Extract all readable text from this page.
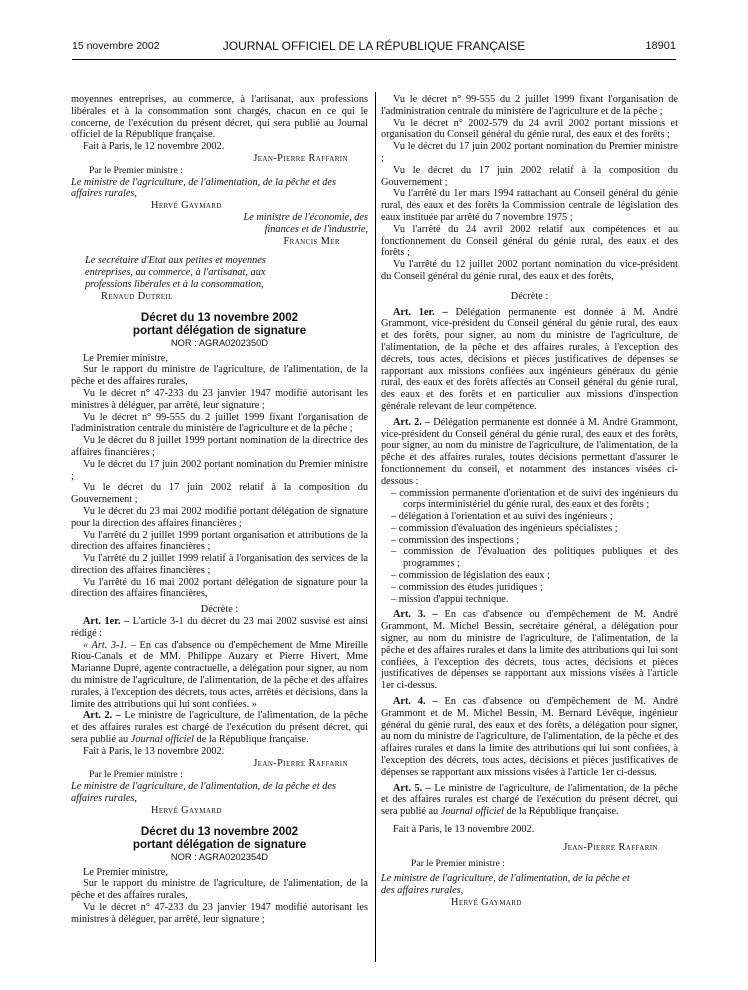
15 novembre 2002	JOURNAL OFFICIEL DE LA RÉPUBLIQUE FRANÇAISE	18901

moyennes entreprises, au commerce, à l'artisanat, aux professions libérales et à la consommation sont chargés, chacun en ce qui le concerne, de l'exécution du présent décret, qui sera publié au Journal officiel de la République française.

Fait à Paris, le 12 novembre 2002.

Jean-Pierre Raffarin

Par le Premier ministre :

Le ministre de l'agriculture, de l'alimentation, de la pêche et des affaires rurales,

Hervé Gaymard

Le ministre de l'économie, des finances et de l'industrie,

Francis Mer

Le secrétaire d'Etat aux petites et moyennes entreprises, au commerce, à l'artisanat, aux professions libérales et à la consommation,

Renaud Dutreil

Décret du 13 novembre 2002

portant délégation de signature

NOR : AGRA0202350D

Le Premier ministre,

Sur le rapport du ministre de l'agriculture, de l'alimentation, de la pêche et des affaires rurales,

Vu le décret n° 47-233 du 23 janvier 1947 modifié autorisant les ministres à déléguer, par arrêté, leur signature ;

Vu le décret n° 99-555 du 2 juillet 1999 fixant l'organisation de l'administration centrale du ministère de l'agriculture et de la pêche ;

Vu le décret du 8 juillet 1999 portant nomination de la directrice des affaires financières ;

Vu le décret du 17 juin 2002 portant nomination du Premier ministre ;

Vu le décret du 17 juin 2002 relatif à la composition du Gouvernement ;

Vu le décret du 23 mai 2002 modifié portant délégation de signature pour la direction des affaires financières ;

Vu l'arrêté du 2 juillet 1999 portant organisation et attributions de la direction des affaires financières ;

Vu l'arrêté du 2 juillet 1999 relatif à l'organisation des services de la direction des affaires financières ;

Vu l'arrêté du 16 mai 2002 portant délégation de signature pour la direction des affaires financières,

Décrète :

Art. 1er. – L'article 3-1 du décret du 23 mai 2002 susvisé est ainsi rédigé :

« Art. 3-1. – En cas d'absence ou d'empêchement de Mme Mireille Riou-Canals et de MM. Philippe Auzary et Pierre Hivert, Mme Marianne Dupré, agente contractuelle, a délégation pour signer, au nom du ministre de l'agriculture, de l'alimentation, de la pêche et des affaires rurales, à l'exception des décrets, tous actes, arrêtés et décisions, dans la limite des attributions qui lui sont confiées. »

Art. 2. – Le ministre de l'agriculture, de l'alimentation, de la pêche et des affaires rurales est chargé de l'exécution du présent décret, qui sera publié au Journal officiel de la République française.

Fait à Paris, le 13 novembre 2002.

Jean-Pierre Raffarin

Par le Premier ministre :

Le ministre de l'agriculture, de l'alimentation, de la pêche et des affaires rurales,

Hervé Gaymard

Décret du 13 novembre 2002

portant délégation de signature

NOR : AGRA0202354D

Le Premier ministre,

Sur le rapport du ministre de l'agriculture, de l'alimentation, de la pêche et des affaires rurales,

Vu le décret n° 47-233 du 23 janvier 1947 modifié autorisant les ministres à déléguer, par arrêté, leur signature ;

Vu le décret n° 99-555 du 2 juillet 1999 fixant l'organisation de l'administration centrale du ministère de l'agriculture et de la pêche ;

Vu le décret n° 2002-579 du 24 avril 2002 portant missions et organisation du Conseil général du génie rural, des eaux et des forêts ;

Vu le décret du 17 juin 2002 portant nomination du Premier ministre ;

Vu le décret du 17 juin 2002 relatif à la composition du Gouvernement ;

Vu l'arrêté du 1er mars 1994 rattachant au Conseil général du génie rural, des eaux et des forêts la Commission centrale de législation des eaux instituée par arrêté du 7 novembre 1975 ;

Vu l'arrêté du 24 avril 2002 relatif aux compétences et au fonctionnement du Conseil général du génie rural, des eaux et des forêts ;

Vu l'arrêté du 12 juillet 2002 portant nomination du vice-président du Conseil général du génie rural, des eaux et des forêts,

Décrète :

Art. 1er. – Délégation permanente est donnée à M. André Grammont, vice-président du Conseil général du génie rural, des eaux et des forêts, pour signer, au nom du ministre de l'agriculture, de l'alimentation, de la pêche et des affaires rurales, à l'exception des décrets, tous actes, décisions et pièces justificatives de dépenses se rapportant aux missions confiées aux ingénieurs généraux du génie rural, des eaux et des forêts affectés au Conseil général du génie rural, des eaux et des forêts et en particulier aux missions d'inspection générale relevant de leur compétence.

Art. 2. – Délégation permanente est donnée à M. André Grammont, vice-président du Conseil général du génie rural, des eaux et des forêts, pour signer, au nom du ministre de l'agriculture, de l'alimentation, de la pêche et des affaires rurales, toutes décisions permettant d'assurer le fonctionnement du conseil, et notamment des instances visées ci-dessous :

– commission permanente d'orientation et de suivi des ingénieurs du corps interministériel du génie rural, des eaux et des forêts ;
– délégation à l'orientation et au suivi des ingénieurs ;
– commission d'évaluation des ingénieurs spécialistes ;
– commission des inspections ;
– commission de l'évaluation des politiques publiques et des programmes ;
– commission de législation des eaux ;
– commission des études juridiques ;
– mission d'appui technique.

Art. 3. – En cas d'absence ou d'empêchement de M. André Grammont, M. Michel Bessin, secrétaire général, a délégation pour signer, au nom du ministre de l'agriculture, de l'alimentation, de la pêche et des affaires rurales et dans la limite des attributions qui lui sont confiées, à l'exception des décrets, tous actes, décisions et pièces justificatives de dépenses se rapportant aux missions visées à l'article 1er ci-dessus.

Art. 4. – En cas d'absence ou d'empêchement de M. André Grammont et de M. Michel Bessin, M. Bernard Lévêque, ingénieur général du génie rural, des eaux et des forêts, a délégation pour signer, au nom du ministre de l'agriculture, de l'alimentation, de la pêche et des affaires rurales et dans la limite des attributions qui lui sont confiées, à l'exception des décrets, tous actes, décisions et pièces justificatives de dépenses se rapportant aux missions visées à l'article 1er ci-dessus.

Art. 5. – Le ministre de l'agriculture, de l'alimentation, de la pêche et des affaires rurales est chargé de l'exécution du présent décret, qui sera publié au Journal officiel de la République française.

Fait à Paris, le 13 novembre 2002.

Jean-Pierre Raffarin

Par le Premier ministre :

Le ministre de l'agriculture, de l'alimentation, de la pêche et des affaires rurales,

Hervé Gaymard
